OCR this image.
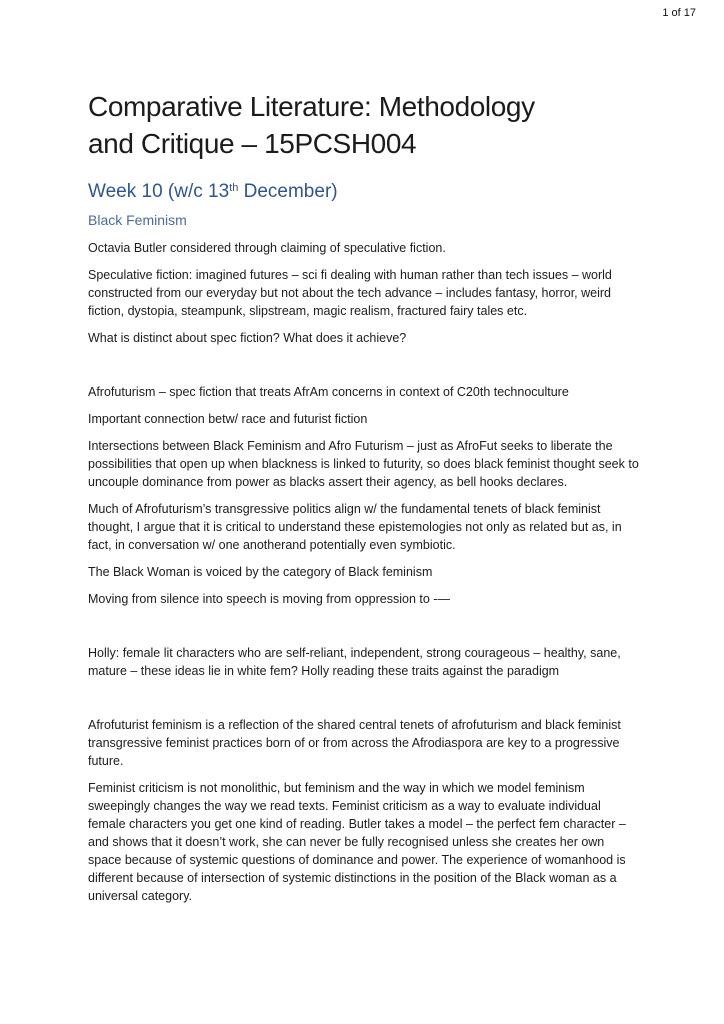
1 of 17
Comparative Literature: Methodology
and Critique – 15PCSH004
Week 10 (w/c 13th December)
Black Feminism

Octavia Butler considered through claiming of speculative fiction.

Speculative fiction: imagined futures – sci fi dealing with human rather than tech issues – world constructed from our everyday but not about the tech advance – includes fantasy, horror, weird fiction, dystopia, steampunk, slipstream, magic realism, fractured fairy tales etc.

What is distinct about spec fiction? What does it achieve?

Afrofuturism – spec fiction that treats AfrAm concerns in context of C20th technoculture

Important connection betw/ race and futurist fiction

Intersections between Black Feminism and Afro Futurism – just as AfroFut seeks to liberate the possibilities that open up when blackness is linked to futurity, so does black feminist thought seek to uncouple dominance from power as blacks assert their agency, as bell hooks declares.

Much of Afrofuturism’s transgressive politics align w/ the fundamental tenets of black feminist thought, I argue that it is critical to understand these epistemologies not only as related but as, in fact, in conversation w/ one anotherand potentially even symbiotic.

The Black Woman is voiced by the category of Black feminism

Moving from silence into speech is moving from oppression to -—

Holly: female lit characters who are self-reliant, independent, strong courageous – healthy, sane, mature – these ideas lie in white fem? Holly reading these traits against the paradigm

Afrofuturist feminism is a reflection of the shared central tenets of afrofuturism and black feminist transgressive feminist practices born of or from across the Afrodiaspora are key to a progressive future.

Feminist criticism is not monolithic, but feminism and the way in which we model feminism sweepingly changes the way we read texts. Feminist criticism as a way to evaluate individual female characters you get one kind of reading. Butler takes a model – the perfect fem character – and shows that it doesn’t work, she can never be fully recognised unless she creates her own space because of systemic questions of dominance and power. The experience of womanhood is different because of intersection of systemic distinctions in the position of the Black woman as a universal category.
